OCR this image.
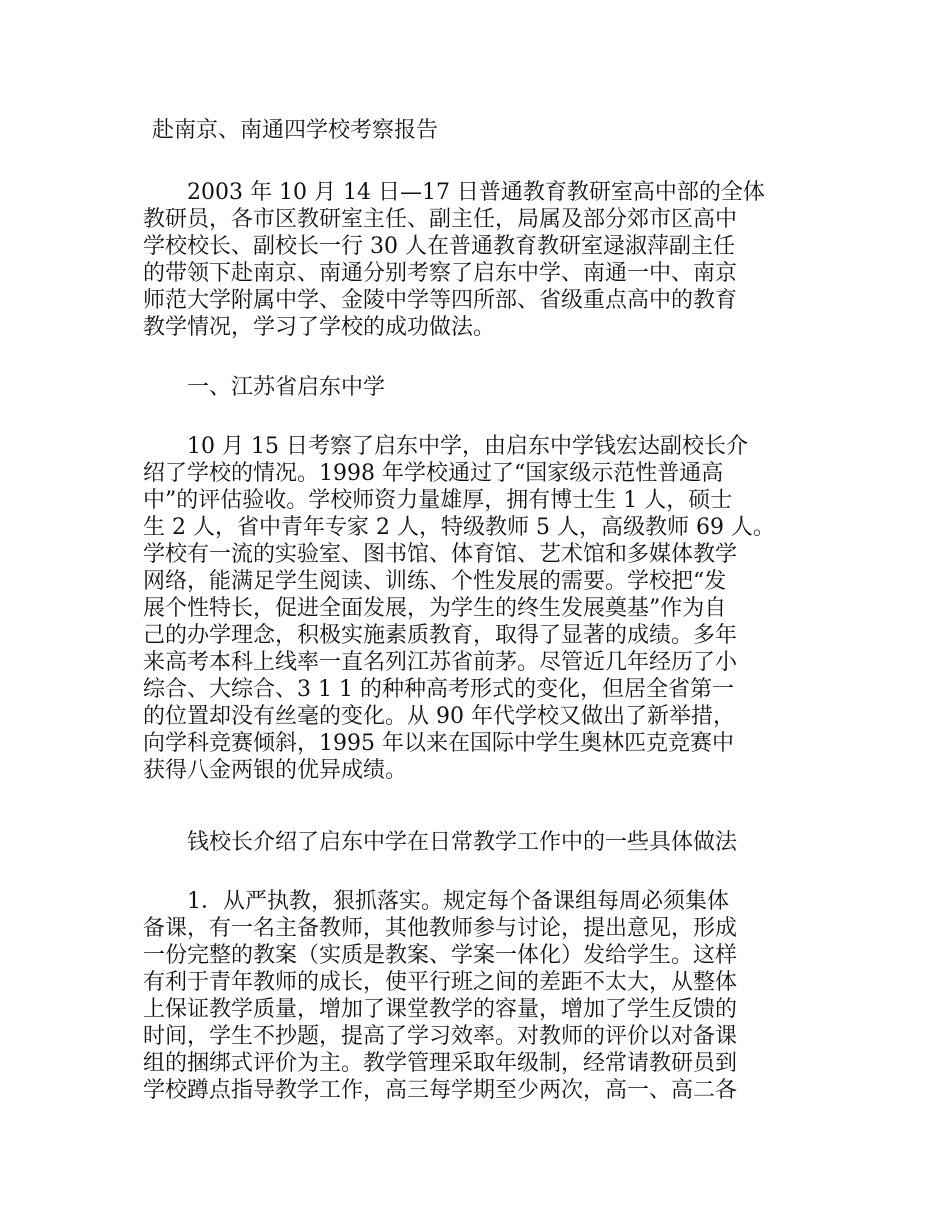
赴南京、南通四学校考察报告
　　2003 年 10 月 14 日—17 日普通教育教研室高中部的全体
教研员，各市区教研室主任、副主任，局属及部分郊市区高中
学校校长、副校长一行 30 人在普通教育教研室逯淑萍副主任
的带领下赴南京、南通分别考察了启东中学、南通一中、南京
师范大学附属中学、金陵中学等四所部、省级重点高中的教育
教学情况，学习了学校的成功做法。
　　一、江苏省启东中学
　　10 月 15 日考察了启东中学，由启东中学钱宏达副校长介
绍了学校的情况。1998 年学校通过了“国家级示范性普通高
中”的评估验收。学校师资力量雄厚，拥有博士生 1 人，硕士
生 2 人，省中青年专家 2 人，特级教师 5 人，高级教师 69 人。
学校有一流的实验室、图书馆、体育馆、艺术馆和多媒体教学
网络，能满足学生阅读、训练、个性发展的需要。学校把“发
展个性特长，促进全面发展，为学生的终生发展奠基”作为自
己的办学理念，积极实施素质教育，取得了显著的成绩。多年
来高考本科上线率一直名列江苏省前茅。尽管近几年经历了小
综合、大综合、3 1 1 的种种高考形式的变化，但居全省第一
的位置却没有丝毫的变化。从 90 年代学校又做出了新举措，
向学科竞赛倾斜，1995 年以来在国际中学生奥林匹克竞赛中
获得八金两银的优异成绩。
　　钱校长介绍了启东中学在日常教学工作中的一些具体做法
　　1．从严执教，狠抓落实。规定每个备课组每周必须集体
备课，有一名主备教师，其他教师参与讨论，提出意见，形成
一份完整的教案（实质是教案、学案一体化）发给学生。这样
有利于青年教师的成长，使平行班之间的差距不太大，从整体
上保证教学质量，增加了课堂教学的容量，增加了学生反馈的
时间，学生不抄题，提高了学习效率。对教师的评价以对备课
组的捆绑式评价为主。教学管理采取年级制，经常请教研员到
学校蹲点指导教学工作，高三每学期至少两次，高一、高二各
